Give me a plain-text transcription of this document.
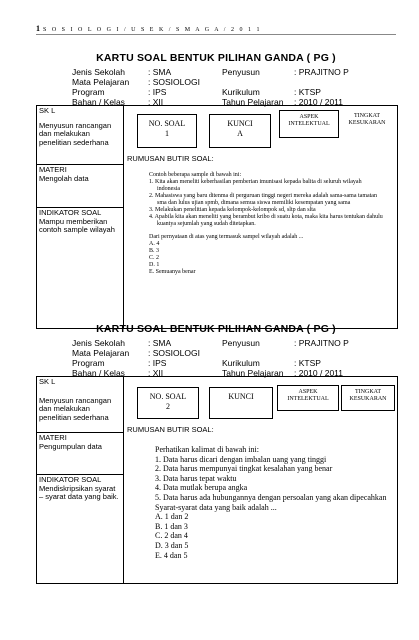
1 S O S I O L O G I / U S E K / S M A G A / 2 0 1 1
KARTU SOAL BENTUK PILIHAN GANDA ( PG )
Jenis Sekolah	: SMA
Mata Pelajaran : SOSIOLOGI
Program	: IPS
Bahan / Kelas	: XII
Penyusun	: PRAJITNO P
Kurikulum	: KTSP
Tahun Pelajaran : 2010 / 2011
SK L
Menyusun rancangan dan melakukan penelitian sederhana
MATERI
Mengolah data
INDIKATOR SOAL
Mampu memberikan contoh sample wilayah
NO. SOAL
1
KUNCI
A
ASPEK INTELEKTUAL
TINGKAT KESUKARAN
RUMUSAN BUTIR SOAL:

Contoh beberapa sample di bawah ini:

1. Kita akan meneliti keberhasilan pemberian imunisasi kepada balita di seluruh wilayah indonesia
2. Mahasiswa yang baru ditenma di perguruan tinggi negeri mereka adalah sama-sama tamatan sma dan lulus ujian spmb, dimana semua siswa memiliki kesempatan yang sama
3. Melakukan penelitian kepada kelompok-kelompok sd, sltp dan slta
4. Apabila kita akan meneliti yang berambut kribo di suatu kota, maka kita harus tentukan dahulu kuantya sejumlah yang sudah ditetapkan.

Dari pernyataan di atas yang termasuk sampel wilayah adalah ...

A. 4
B. 3
C. 2
D. 1
E. Semuanya benar
KARTU SOAL BENTUK PILIHAN GANDA ( PG )
Jenis Sekolah	: SMA
Mata Pelajaran : SOSIOLOGI
Program	: IPS
Bahan / Kelas	: XII
Penyusun	: PRAJITNO P
Kurikulum	: KTSP
Tahun Pelajaran : 2010 / 2011
SK L
Menyusun rancangan dan melakukan penelitian sederhana
MATERI
Pengumpulan data
INDIKATOR SOAL
Mendiskripsikan syarat – syarat data yang baik.
NO. SOAL
2
KUNCI	ASPEK INTELEKTUAL
TINGKAT KESUKARAN
RUMUSAN BUTIR SOAL:

Perhatikan kalimat di bawah ini:

1. Data harus dicari dengan imbalan uang yang tinggi
2. Data harus mempunyai tingkat kesalahan yang benar
3. Data harus tepat waktu
4. Data mutlak berupa angka
5. Data harus ada hubungannya dengan persoalan yang akan dipecahkan

Syarat-syarat data yang baik adalah ...

A. 1 dan 2
B. 1 dan 3
C. 2 dan 4
D. 3 dan 5
E. 4 dan 5
